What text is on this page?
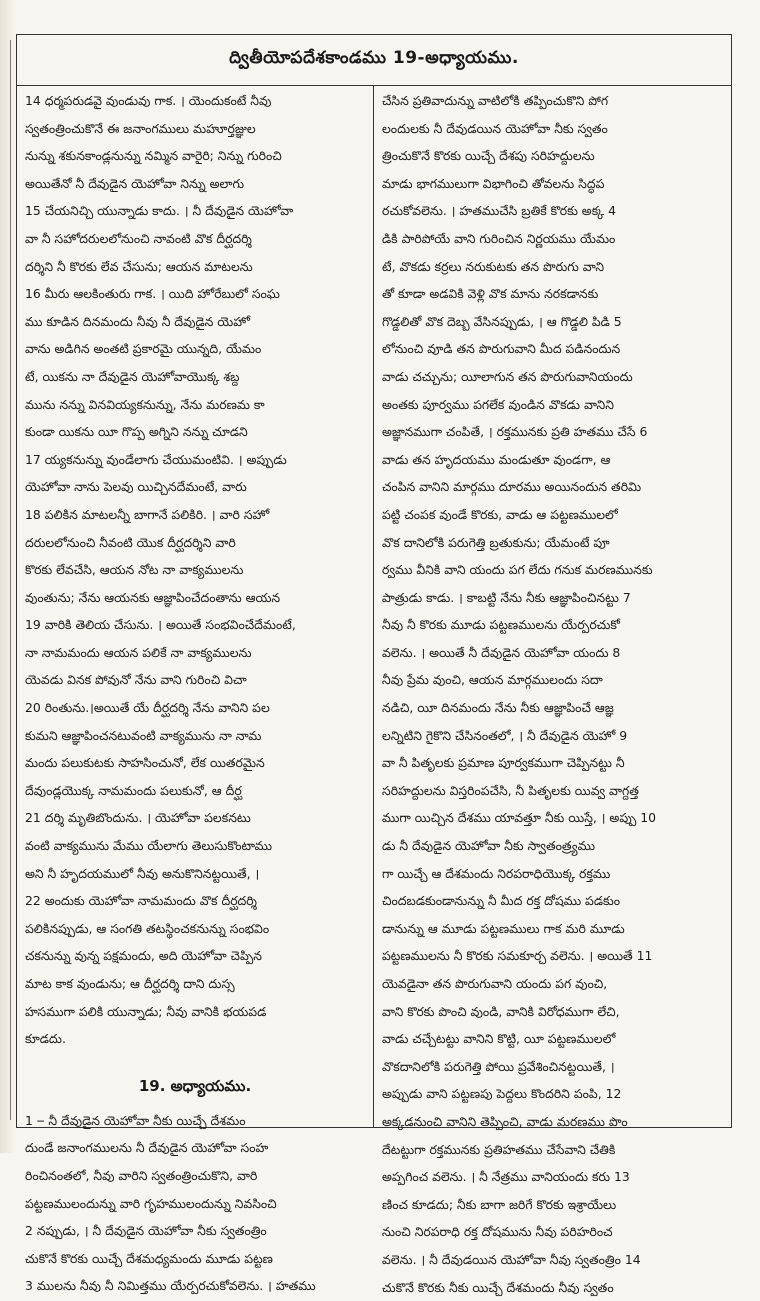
ద్వితీయోపదేశకాండము 19-అధ్యాయము.
14 ధర్మపరుడవై వుండువు గాక. । యెందుకంటే నీవు
స్వతంత్రించుకొనే ఈ జనాంగములు మహూర్తజ్ఞుల
నున్ను శకునకాండ్లనున్ను నమ్మిన వారైరి; నిన్ను గురించి
అయితేనో నీ దేవుడైన యెహోవా నిన్ను అలాగు
15 చేయనిచ్చి యున్నాడు కాదు. । నీ దేవుడైన యెహోవా
వా నీ సహోదరులలోనుంచి నావంటి వొక దీర్ఘదర్శి
దర్శిని నీ కొరకు లేవ చేసును; ఆయన మాటలను
16 మీరు ఆలకింతురు గాక. । యిది హోరేబులో సంఘ
ము కూడిన దినమందు నీవు నీ దేవుడైన యెహో
వాను అడిగిన అంతటి ప్రకారమై యున్నది, యేమం
టే, యికను నా దేవుడైన యెహోవాయొక్క శబ్ద
మును నన్ను వినవియ్యకనున్ను, నేను మరణమ కా
కుండా యికను యీ గొప్ప అగ్నిని నన్ను చూడని
17 య్యకనున్ను వుండేలాగు చేయుమంటివి. । అప్పుడు
యెహోవా నాను పెలవు యిచ్చినదేమంటే, వారు
18 పలికిన మాటలన్నీ బాగానే పలికిరి. । వారి సహో
దరులలోనుంచి నీవంటి యొక దీర్ఘదర్శిని వారి
కొరకు లేవచేసి, ఆయన నోట నా వాక్యములను
వుంతును; నేను ఆయనకు ఆజ్ఞాపించేదంతాను ఆయన
19 వారికి తెలియ చేసును. । అయితే సంభవించేదేమంటే,
నా నామమందు ఆయన పలికే నా వాక్యములను
యెవడు వినక పోవునో నేను వాని గురించి విచా
20 రింతును.।అయితే యే దీర్ఘదర్శి నేను వానిని పల
కుమని ఆజ్ఞాపించనటువంటి వాక్యమును నా నామ
మందు పలుకుటకు సాహసించునో, లేక యితరమైన
దేవుండ్లయొక్క నామమందు పలుకునో, ఆ దీర్ఘ
21 దర్శి మృతిబొందును. । యెహోవా పలకనటు
వంటి వాక్యమును మేము యేలాగు తెలుసుకొంటాము
అని నీ హృదయములో నీవు అనుకొనినట్టయితే, ।
22 అందుకు యెహోవా నామమందు వొక దీర్ఘదర్శి
పలికినప్పుడు, ఆ సంగతి తటస్థించకనున్ను సంభవిం
చకనున్ను వున్న పక్షమందు, అది యెహోవా చెప్పిన
మాట కాక వుండును; ఆ దీర్ఘదర్శి దాని దుస్స
హసముగా పలికి యున్నాడు; నీవు వానికి భయపడ
కూడదు.
19. అధ్యాయము.
1 ౼ నీ దేవుడైన యెహోవా నీకు యిచ్చే దేశమం
దుండే జనాంగములను నీ దేవుడైన యెహోవా సంహ
రించినంతలో, నీవు వారిని స్వతంత్రించుకొని, వారి
పట్టణములందున్ను వారి గృహములందున్ను నివసించి
2 నప్పుడు, । నీ దేవుడైన యెహోవా నీకు స్వతంత్రిం
చుకొనే కొరకు యిచ్చే దేశమధ్యమందు మూడు పట్టణ
3 ములను నీవు నీ నిమిత్తము యేర్పరచుకోవలెను. । హతము
చేసిన ప్రతివాదున్ను వాటిలోకి తప్పించుకొని పోగ
లందులకు నీ దేవుడయిన యెహోవా నీకు స్వతం
త్రించుకొనే కొరకు యిచ్చే దేశపు సరిహద్దులను
మాడు భాగములుగా విభాగించి తోవలను సిద్ధప
రచుకోవలెను. । హతముచేసి బ్రతికే కొరకు అక్క 4
డికి పారిపోయే వాని గురించిన నిర్ణయము యేమం
టే, వొకడు కర్రలు నరుకుటకు తన పొరుగు వాని
తో కూడా అడవికి వెళ్లి వొక మాను నరకడానకు
గొడ్డలితో వొక దెబ్బ వేసినప్పుడు, । ఆ గొడ్డలి పిడి 5
లోనుంచి వూడి తన పొరుగువాని మీద పడినందున
వాడు చచ్చును; యీలాగున తన పొరుగువానియందు
అంతకు పూర్వము పగలేక వుండిన వొకడు వానిని
అజ్ఞానముగా చంపితే, । రక్తమునకు ప్రతి హతము చేసే 6
వాడు తన హృదయము మండుతూ వుండగా, ఆ
చంపిన వానిని మార్గము దూరము అయినందున తరిమి
పట్టి చంపక వుండే కొరకు, వాడు ఆ పట్టణములలో
వొక దానిలోకి పరుగెత్తి బ్రతుకును; యేమంటే పూ
ర్వము వీనికి వాని యందు పగ లేదు గనుక మరణమునకు
పాత్రుడు కాడు. । కాబట్టి నేను నీకు ఆజ్ఞాపించినట్టు 7
నీవు నీ కొరకు మూడు పట్టణములను యేర్పరచుకో
వలెను. । అయితే నీ దేవుడైన యెహోవా యందు 8
నీవు ప్రేమ వుంచి, ఆయన మార్గములందు సదా
నడిచి, యీ దినమందు నేను నీకు ఆజ్ఞాపించే ఆజ్ఞ
లన్నిటిని గైకొని చేసినంతలో, । నీ దేవుడైన యెహో 9
వా నీ పితృలకు ప్రమాణ పూర్వకముగా చెప్పినట్టు నీ
సరిహద్దులను విస్తరింపచేసి, నీ పితృలకు యివ్వ వాగ్దత్త
ముగా యిచ్చిన దేశము యావత్తూ నీకు యిస్తే, । అప్పు 10
డు నీ దేవుడైన యెహోవా నీకు స్వాతంత్ర్యము
గా యిచ్చే ఆ దేశమందు నిరపరాధియొక్క రక్తము
చిందబడకుండానున్ను నీ మీద రక్త దోషము పడకుం
డానున్ను ఆ మూడు పట్టణములు గాక మరి మూడు
పట్టణములను నీ కొరకు సమకూర్చ వలెను. । అయితే 11
యెవడైనా తన పొరుగువాని యందు పగ వుంచి,
వాని కొరకు పొంచి వుండి, వానికి విరోధముగా లేచి,
వాడు చచ్చేటట్టు వానిని కొట్టి, యీ పట్టణములలో
వొకదానిలోకి పరుగెత్తి పోయి ప్రవేశించినట్టయితే, ।
అప్పుడు వాని పట్టణపు పెద్దలు కొందరిని పంపి, 12
అక్కడనుంచి వానిని తెప్పించి, వాడు మరణము పొం
దేటట్టుగా రక్తమునకు ప్రతిహతము చేసేవాని చేతికి
అప్పగించ వలెను. । నీ నేత్రము వానియందు కరు 13
ణించ కూడదు; నీకు బాగా జరిగే కొరకు ఇశ్రాయేలు
నుంచి నిరపరాధి రక్త దోషమును నీవు పరిహరించ
వలెను. । నీ దేవుడయిన యెహోవా నీవు స్వతంత్రిం 14
చుకొనే కొరకు నీకు యిచ్చే దేశమందు నీవు స్వతం
